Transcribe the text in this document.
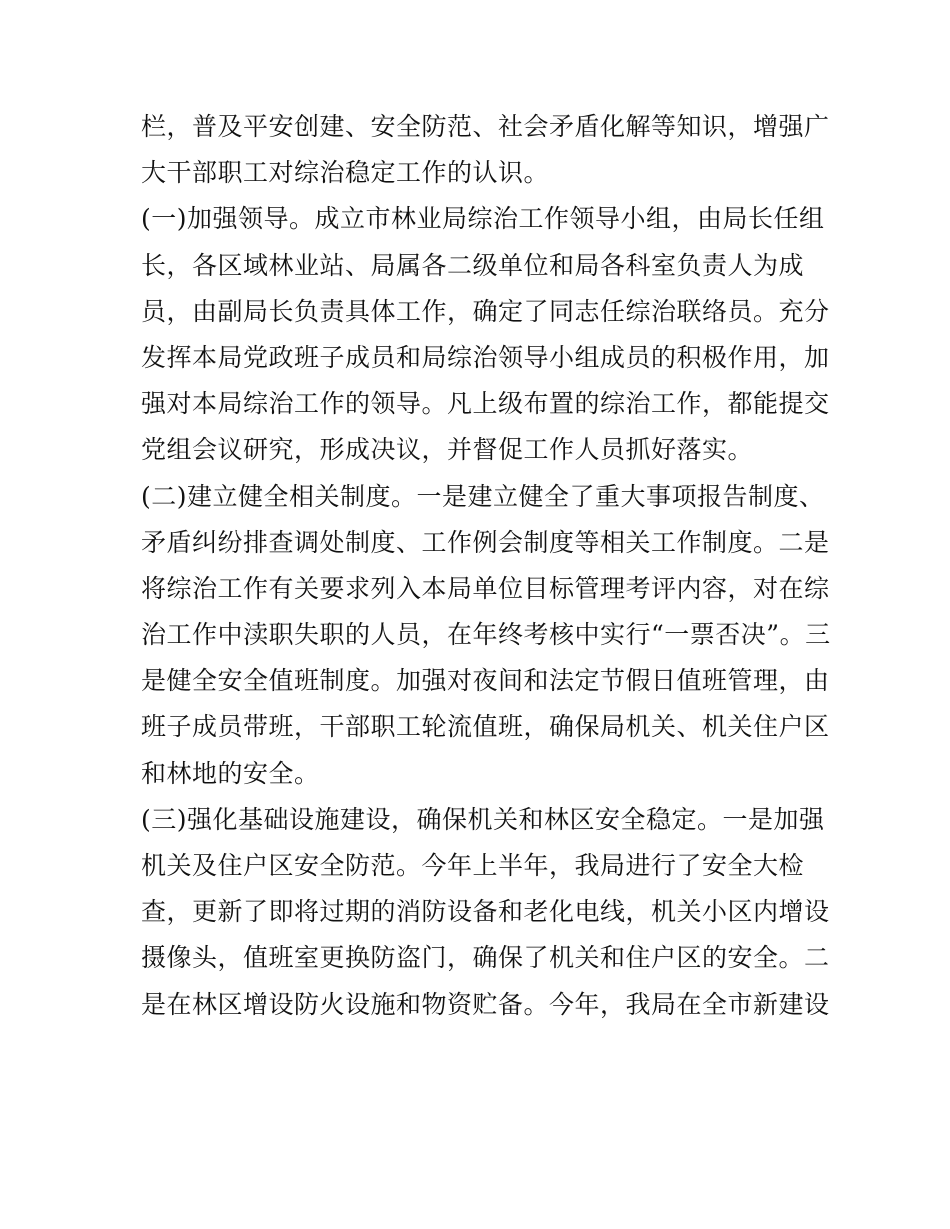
栏，普及平安创建、安全防范、社会矛盾化解等知识，增强广
大干部职工对综治稳定工作的认识。
(一)加强领导。成立市林业局综治工作领导小组，由局长任组
长，各区域林业站、局属各二级单位和局各科室负责人为成
员，由副局长负责具体工作，确定了同志任综治联络员。充分
发挥本局党政班子成员和局综治领导小组成员的积极作用，加
强对本局综治工作的领导。凡上级布置的综治工作，都能提交
党组会议研究，形成决议，并督促工作人员抓好落实。
(二)建立健全相关制度。一是建立健全了重大事项报告制度、
矛盾纠纷排查调处制度、工作例会制度等相关工作制度。二是
将综治工作有关要求列入本局单位目标管理考评内容，对在综
治工作中渎职失职的人员，在年终考核中实行“一票否决”。三
是健全安全值班制度。加强对夜间和法定节假日值班管理，由
班子成员带班，干部职工轮流值班，确保局机关、机关住户区
和林地的安全。
(三)强化基础设施建设，确保机关和林区安全稳定。一是加强
机关及住户区安全防范。今年上半年，我局进行了安全大检
查，更新了即将过期的消防设备和老化电线，机关小区内增设
摄像头，值班室更换防盗门，确保了机关和住户区的安全。二
是在林区增设防火设施和物资贮备。今年，我局在全市新建设
